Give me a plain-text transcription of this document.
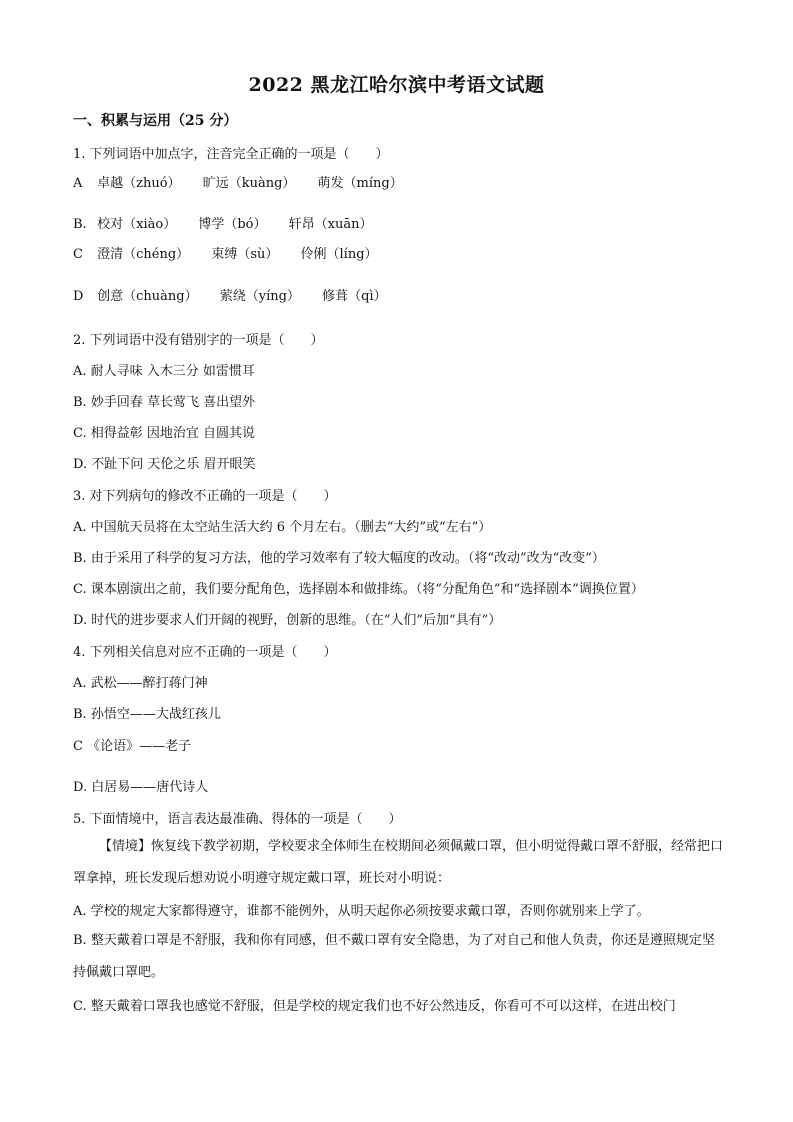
2022 黑龙江哈尔滨中考语文试题
一、积累与运用（25 分）
1. 下列词语中加点字，注音完全正确的一项是（　　）
A 卓越（zhuó） 旷远（kuàng） 萌发（míng）
B. 校对（xiào） 博学（bó） 轩昂（xuān）
C 澄清（chéng） 束缚（sù） 伶俐（líng）
D 创意（chuàng） 萦绕（yíng） 修葺（qì）
2. 下列词语中没有错别字的一项是（　　）
A. 耐人寻味 入木三分 如雷惯耳
B. 妙手回春 草长莺飞 喜出望外
C. 相得益彰 因地治宜 自圆其说
D. 不趾下问 天伦之乐 眉开眼笑
3. 对下列病句的修改不正确的一项是（　　）
A. 中国航天员将在太空站生活大约 6 个月左右。（删去“大约”或“左右”）
B. 由于采用了科学的复习方法，他的学习效率有了较大幅度的改动。（将“改动”改为“改变”）
C. 课本剧演出之前，我们要分配角色，选择剧本和做排练。（将“分配角色”和“选择剧本”调换位置）
D. 时代的进步要求人们开阔的视野，创新的思维。（在“人们”后加“具有”）
4. 下列相关信息对应不正确的一项是（　　）
A. 武松——醉打蒋门神
B. 孙悟空——大战红孩儿
C 《论语》——老子
D. 白居易——唐代诗人
5. 下面情境中，语言表达最准确、得体的一项是（　　）
【情境】恢复线下教学初期，学校要求全体师生在校期间必须佩戴口罩，但小明觉得戴口罩不舒服，经常把口罩拿掉，班长发现后想劝说小明遵守规定戴口罩，班长对小明说：
A. 学校的规定大家都得遵守，谁都不能例外，从明天起你必须按要求戴口罩，否则你就别来上学了。
B. 整天戴着口罩是不舒服，我和你有同感，但不戴口罩有安全隐患，为了对自己和他人负责，你还是遵照规定坚持佩戴口罩吧。
C. 整天戴着口罩我也感觉不舒服，但是学校的规定我们也不好公然违反，你看可不可以这样，在进出校门
